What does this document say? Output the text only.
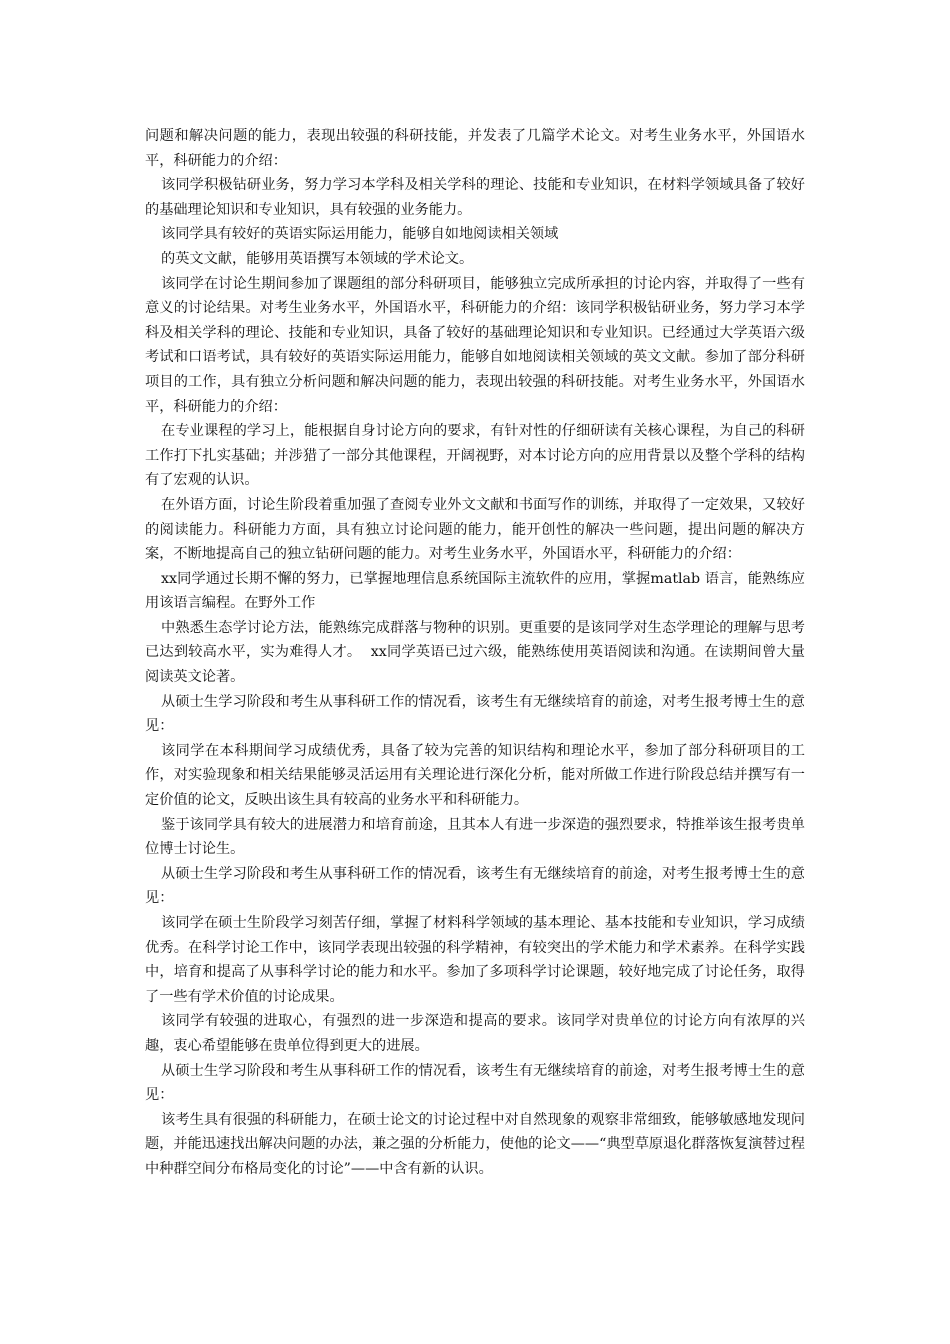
问题和解决问题的能力，表现出较强的科研技能，并发表了几篇学术论文。对考生业务水平，外国语水平，科研能力的介绍：

该同学积极钻研业务，努力学习本学科及相关学科的理论、技能和专业知识，在材料学领域具备了较好的基础理论知识和专业知识，具有较强的业务能力。

该同学具有较好的英语实际运用能力，能够自如地阅读相关领域

的英文文献，能够用英语撰写本领域的学术论文。

该同学在讨论生期间参加了课题组的部分科研项目，能够独立完成所承担的讨论内容，并取得了一些有意义的讨论结果。对考生业务水平，外国语水平，科研能力的介绍：该同学积极钻研业务，努力学习本学科及相关学科的理论、技能和专业知识，具备了较好的基础理论知识和专业知识。已经通过大学英语六级考试和口语考试，具有较好的英语实际运用能力，能够自如地阅读相关领域的英文文献。参加了部分科研项目的工作，具有独立分析问题和解决问题的能力，表现出较强的科研技能。对考生业务水平，外国语水平，科研能力的介绍：

在专业课程的学习上，能根据自身讨论方向的要求，有针对性的仔细研读有关核心课程，为自己的科研工作打下扎实基础；并涉猎了一部分其他课程，开阔视野，对本讨论方向的应用背景以及整个学科的结构有了宏观的认识。

在外语方面，讨论生阶段着重加强了查阅专业外文文献和书面写作的训练，并取得了一定效果，又较好的阅读能力。科研能力方面，具有独立讨论问题的能力，能开创性的解决一些问题，提出问题的解决方案，不断地提高自己的独立钻研问题的能力。对考生业务水平，外国语水平，科研能力的介绍：

xx同学通过长期不懈的努力，已掌握地理信息系统国际主流软件的应用，掌握matlab 语言，能熟练应用该语言编程。在野外工作

中熟悉生态学讨论方法，能熟练完成群落与物种的识别。更重要的是该同学对生态学理论的理解与思考已达到较高水平，实为难得人才。  xx同学英语已过六级，能熟练使用英语阅读和沟通。在读期间曾大量阅读英文论著。

从硕士生学习阶段和考生从事科研工作的情况看，该考生有无继续培育的前途，对考生报考博士生的意见：

该同学在本科期间学习成绩优秀，具备了较为完善的知识结构和理论水平，参加了部分科研项目的工作，对实验现象和相关结果能够灵活运用有关理论进行深化分析，能对所做工作进行阶段总结并撰写有一定价值的论文，反映出该生具有较高的业务水平和科研能力。

鉴于该同学具有较大的进展潜力和培育前途，且其本人有进一步深造的强烈要求，特推举该生报考贵单位博士讨论生。

从硕士生学习阶段和考生从事科研工作的情况看，该考生有无继续培育的前途，对考生报考博士生的意见：

该同学在硕士生阶段学习刻苦仔细，掌握了材料科学领域的基本理论、基本技能和专业知识，学习成绩优秀。在科学讨论工作中，该同学表现出较强的科学精神，有较突出的学术能力和学术素养。在科学实践中，培育和提高了从事科学讨论的能力和水平。参加了多项科学讨论课题，较好地完成了讨论任务，取得了一些有学术价值的讨论成果。

该同学有较强的进取心，有强烈的进一步深造和提高的要求。该同学对贵单位的讨论方向有浓厚的兴趣，衷心希望能够在贵单位得到更大的进展。

从硕士生学习阶段和考生从事科研工作的情况看，该考生有无继续培育的前途，对考生报考博士生的意见：

该考生具有很强的科研能力，在硕士论文的讨论过程中对自然现象的观察非常细致，能够敏感地发现问题，并能迅速找出解决问题的办法，兼之强的分析能力，使他的论文——“典型草原退化群落恢复演替过程中种群空间分布格局变化的讨论”——中含有新的认识。
